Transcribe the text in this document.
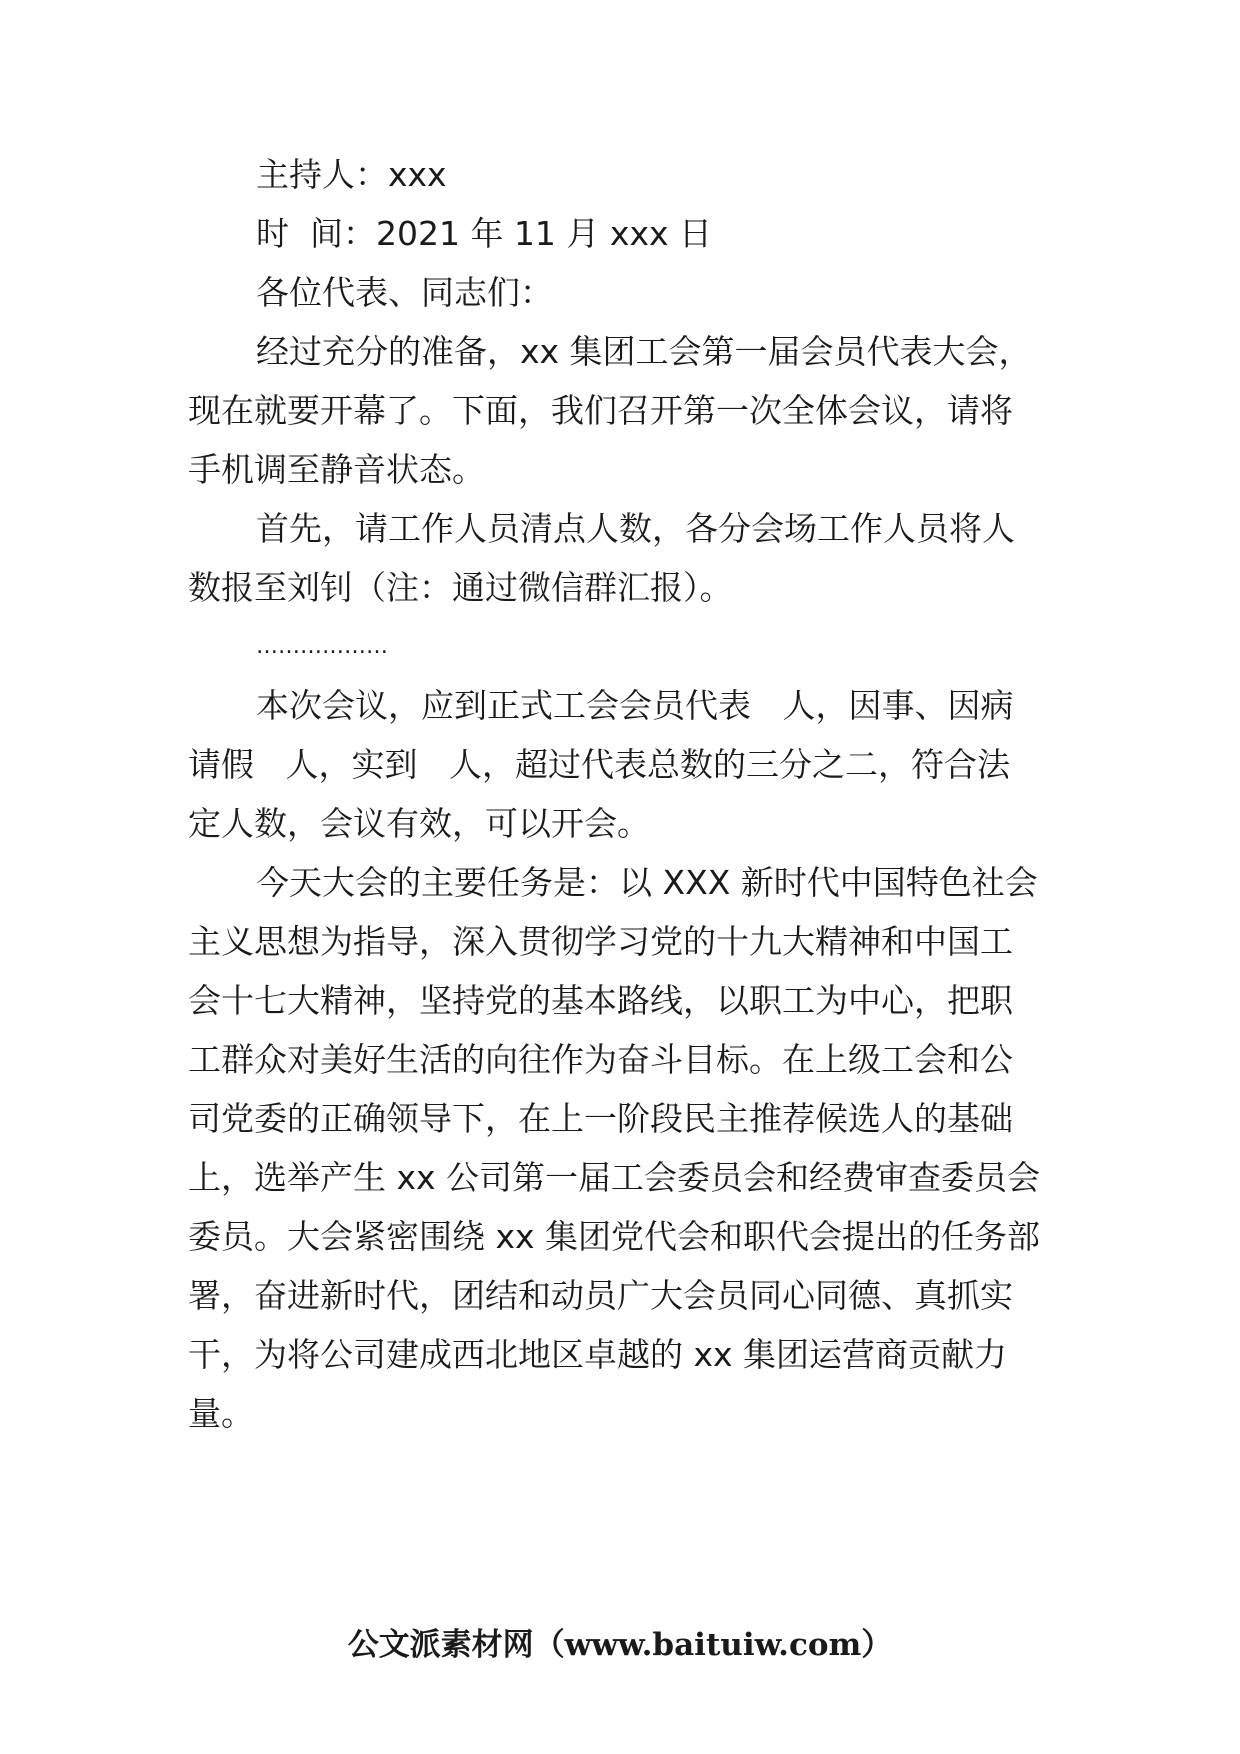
主持人：xxx

时  间：2021 年 11 月 xxx 日

各位代表、同志们：

经过充分的准备，xx 集团工会第一届会员代表大会，

现在就要开幕了。下面，我们召开第一次全体会议，请将

手机调至静音状态。

首先，请工作人员清点人数，各分会场工作人员将人

数报至刘钊（注：通过微信群汇报）。

………………

本次会议，应到正式工会会员代表   人，因事、因病

请假   人，实到   人，超过代表总数的三分之二，符合法

定人数，会议有效，可以开会。

今天大会的主要任务是：以 XXX 新时代中国特色社会

主义思想为指导，深入贯彻学习党的十九大精神和中国工

会十七大精神，坚持党的基本路线，以职工为中心，把职

工群众对美好生活的向往作为奋斗目标。在上级工会和公

司党委的正确领导下，在上一阶段民主推荐候选人的基础

上，选举产生 xx 公司第一届工会委员会和经费审查委员会

委员。大会紧密围绕 xx 集团党代会和职代会提出的任务部

署，奋进新时代，团结和动员广大会员同心同德、真抓实

干，为将公司建成西北地区卓越的 xx 集团运营商贡献力

量。

公文派素材网（www.baituiw.com）
